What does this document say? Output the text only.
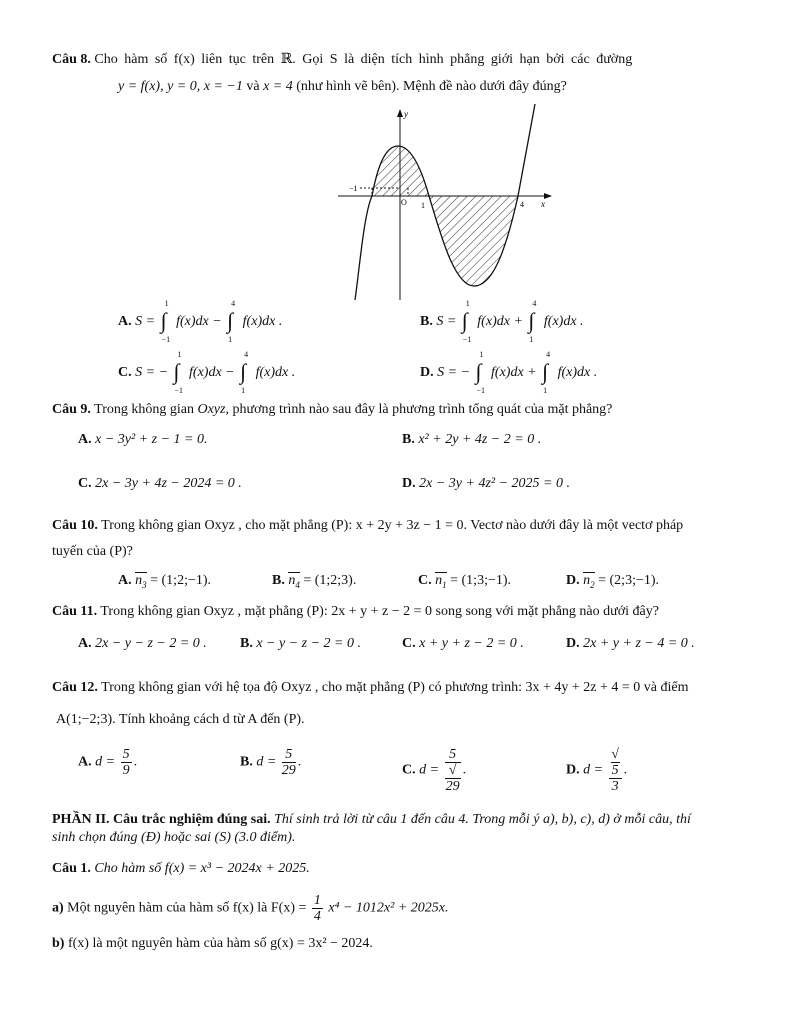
Câu 8. Cho hàm số f(x) liên tục trên ℝ. Gọi S là diện tích hình phẳng giới hạn bởi các đường
y = f(x), y = 0, x = −1 và x = 4 (như hình vẽ bên). Mệnh đề nào dưới đây đúng?
y
x
O
−1
1	4
A. S =
1
∫
−1
f(x)dx −
4
∫
1
f(x)dx .	B. S =
1
∫
−1
f(x)dx +
4
∫
1
f(x)dx .
C. S = −
1
∫
−1
f(x)dx −
4
∫
1
f(x)dx .	D. S = −
1
∫
−1
f(x)dx +
4
∫
1
f(x)dx .
Câu 9. Trong không gian Oxyz, phương trình nào sau đây là phương trình tổng quát của mặt phẳng?
A. x − 3y² + z − 1 = 0.	B. x² + 2y + 4z − 2 = 0 .
C. 2x − 3y + 4z − 2024 = 0 .	D. 2x − 3y + 4z² − 2025 = 0 .
Câu 10. Trong không gian Oxyz , cho mặt phẳng (P): x + 2y + 3z − 1 = 0. Vectơ nào dưới đây là một vectơ pháp
tuyến của (P)?
A. $n_3$ = (1;2;−1).	B. $n_4$ = (1;2;3).	C. $n_1$ = (1;3;−1).	D. $n_2$ = (2;3;−1).
Câu 11. Trong không gian Oxyz , mặt phẳng (P): 2x + y + z − 2 = 0 song song với mặt phẳng nào dưới đây?
A. 2x − y − z − 2 = 0 . B. x − y − z − 2 = 0 .	C. x + y + z − 2 = 0 .	D. 2x + y + z − 4 = 0 .
Câu 12. Trong không gian với hệ tọa độ Oxyz , cho mặt phẳng (P) có phương trình: 3x + 4y + 2z + 4 = 0 và điểm
A(1;−2;3). Tính khoảng cách d từ A đến (P).
A. $d = \frac{5}{9}$ .	B. $d = \frac{5}{29}$ .
C. d = 5
√
29 .	D. d = √
5
3 .
PHẦN II. Câu trắc nghiệm đúng sai. Thí sinh trả lời từ câu 1 đến câu 4. Trong mỗi ý a), b), c), d) ở mỗi câu, thí
sinh chọn đúng (Đ) hoặc sai (S) (3.0 điểm).
Câu 1. Cho hàm số f(x) = x³ − 2024x + 2025.
a) Một nguyên hàm của hàm số f(x) là $F(x) = \frac{1}{4} x^4 - 1012x^2 + 2025x$.
b) f(x) là một nguyên hàm của hàm số g(x) = 3x² − 2024.
